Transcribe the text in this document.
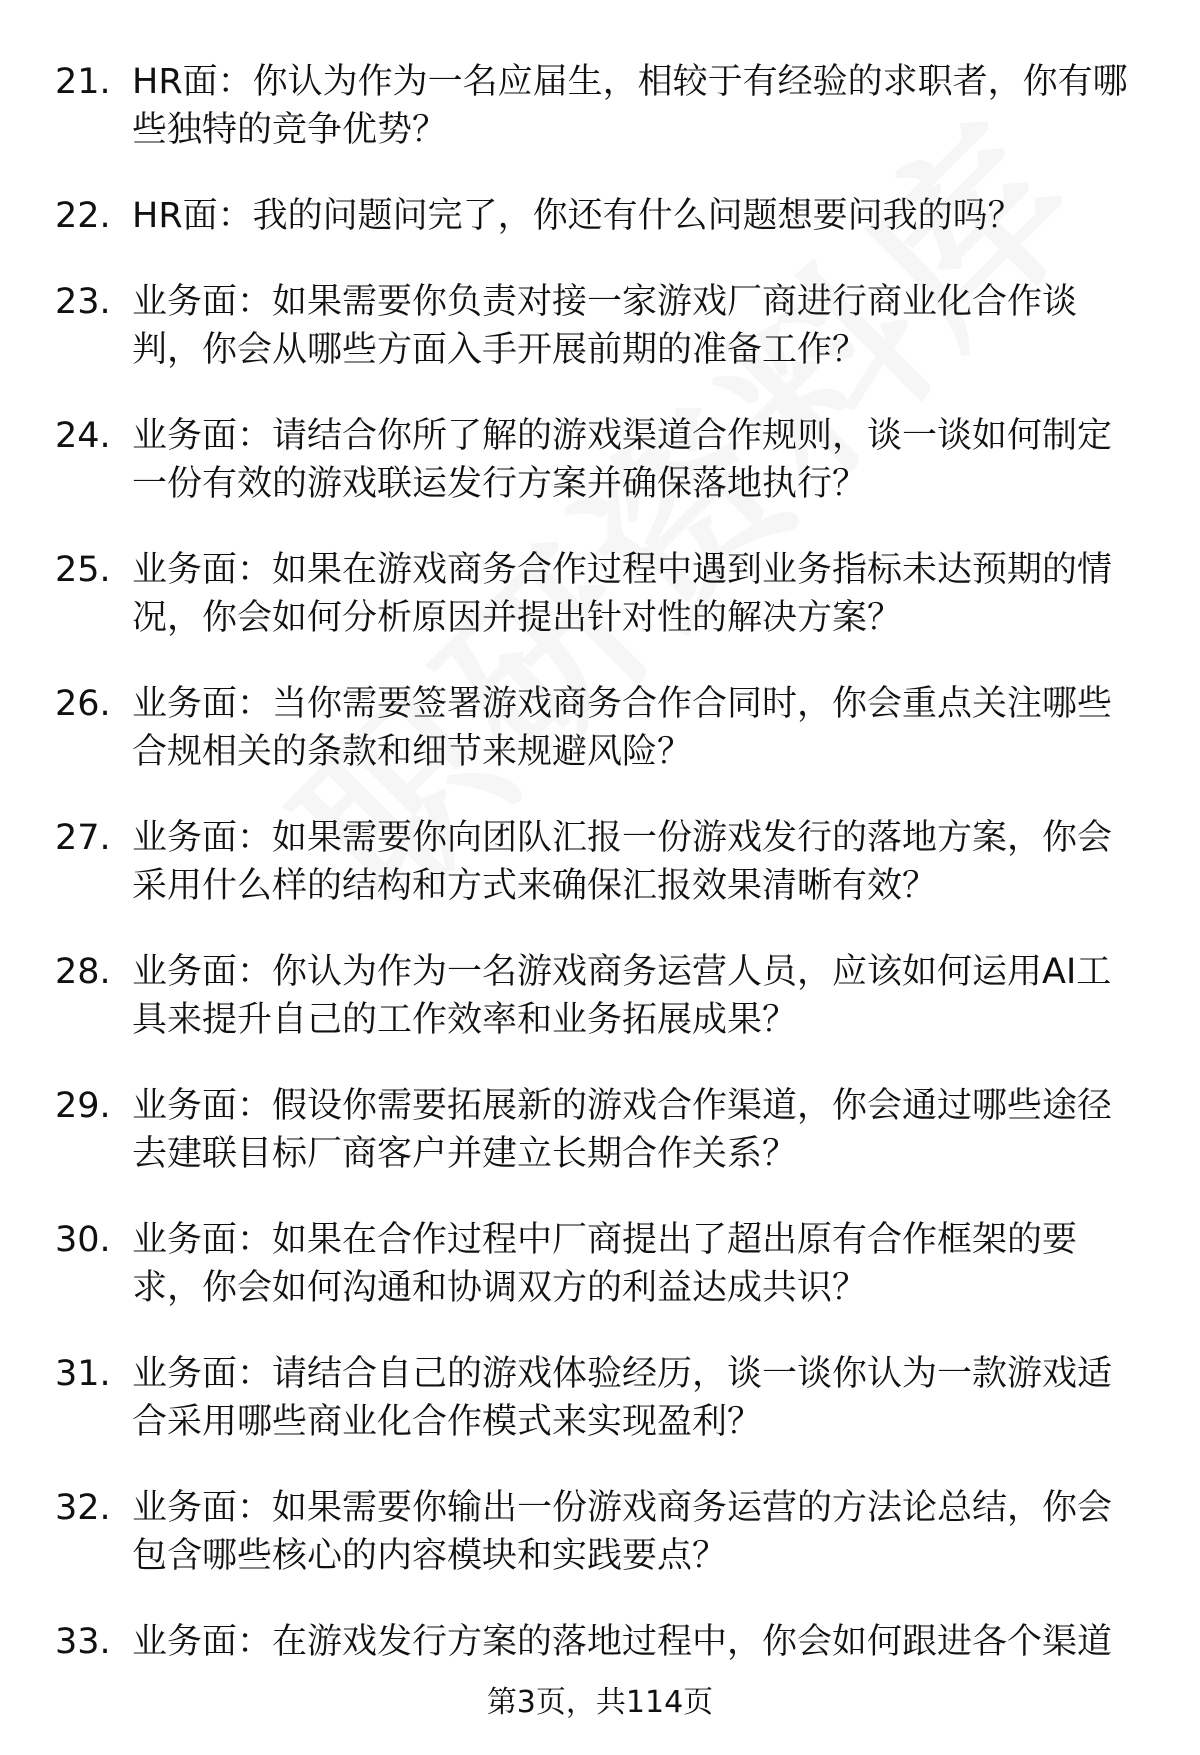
21. HR面：你认为作为一名应届生，相较于有经验的求职者，你有哪些独特的竞争优势？
22. HR面：我的问题问完了，你还有什么问题想要问我的吗？
23. 业务面：如果需要你负责对接一家游戏厂商进行商业化合作谈判，你会从哪些方面入手开展前期的准备工作？
24. 业务面：请结合你所了解的游戏渠道合作规则，谈一谈如何制定一份有效的游戏联运发行方案并确保落地执行？
25. 业务面：如果在游戏商务合作过程中遇到业务指标未达预期的情况，你会如何分析原因并提出针对性的解决方案？
26. 业务面：当你需要签署游戏商务合作合同时，你会重点关注哪些合规相关的条款和细节来规避风险？
27. 业务面：如果需要你向团队汇报一份游戏发行的落地方案，你会采用什么样的结构和方式来确保汇报效果清晰有效？
28. 业务面：你认为作为一名游戏商务运营人员，应该如何运用AI工具来提升自己的工作效率和业务拓展成果？
29. 业务面：假设你需要拓展新的游戏合作渠道，你会通过哪些途径去建联目标厂商客户并建立长期合作关系？
30. 业务面：如果在合作过程中厂商提出了超出原有合作框架的要求，你会如何沟通和协调双方的利益达成共识？
31. 业务面：请结合自己的游戏体验经历，谈一谈你认为一款游戏适合采用哪些商业化合作模式来实现盈利？
32. 业务面：如果需要你输出一份游戏商务运营的方法论总结，你会包含哪些核心的内容模块和实践要点？
33. 业务面：在游戏发行方案的落地过程中，你会如何跟进各个渠道
第3页，共114页
